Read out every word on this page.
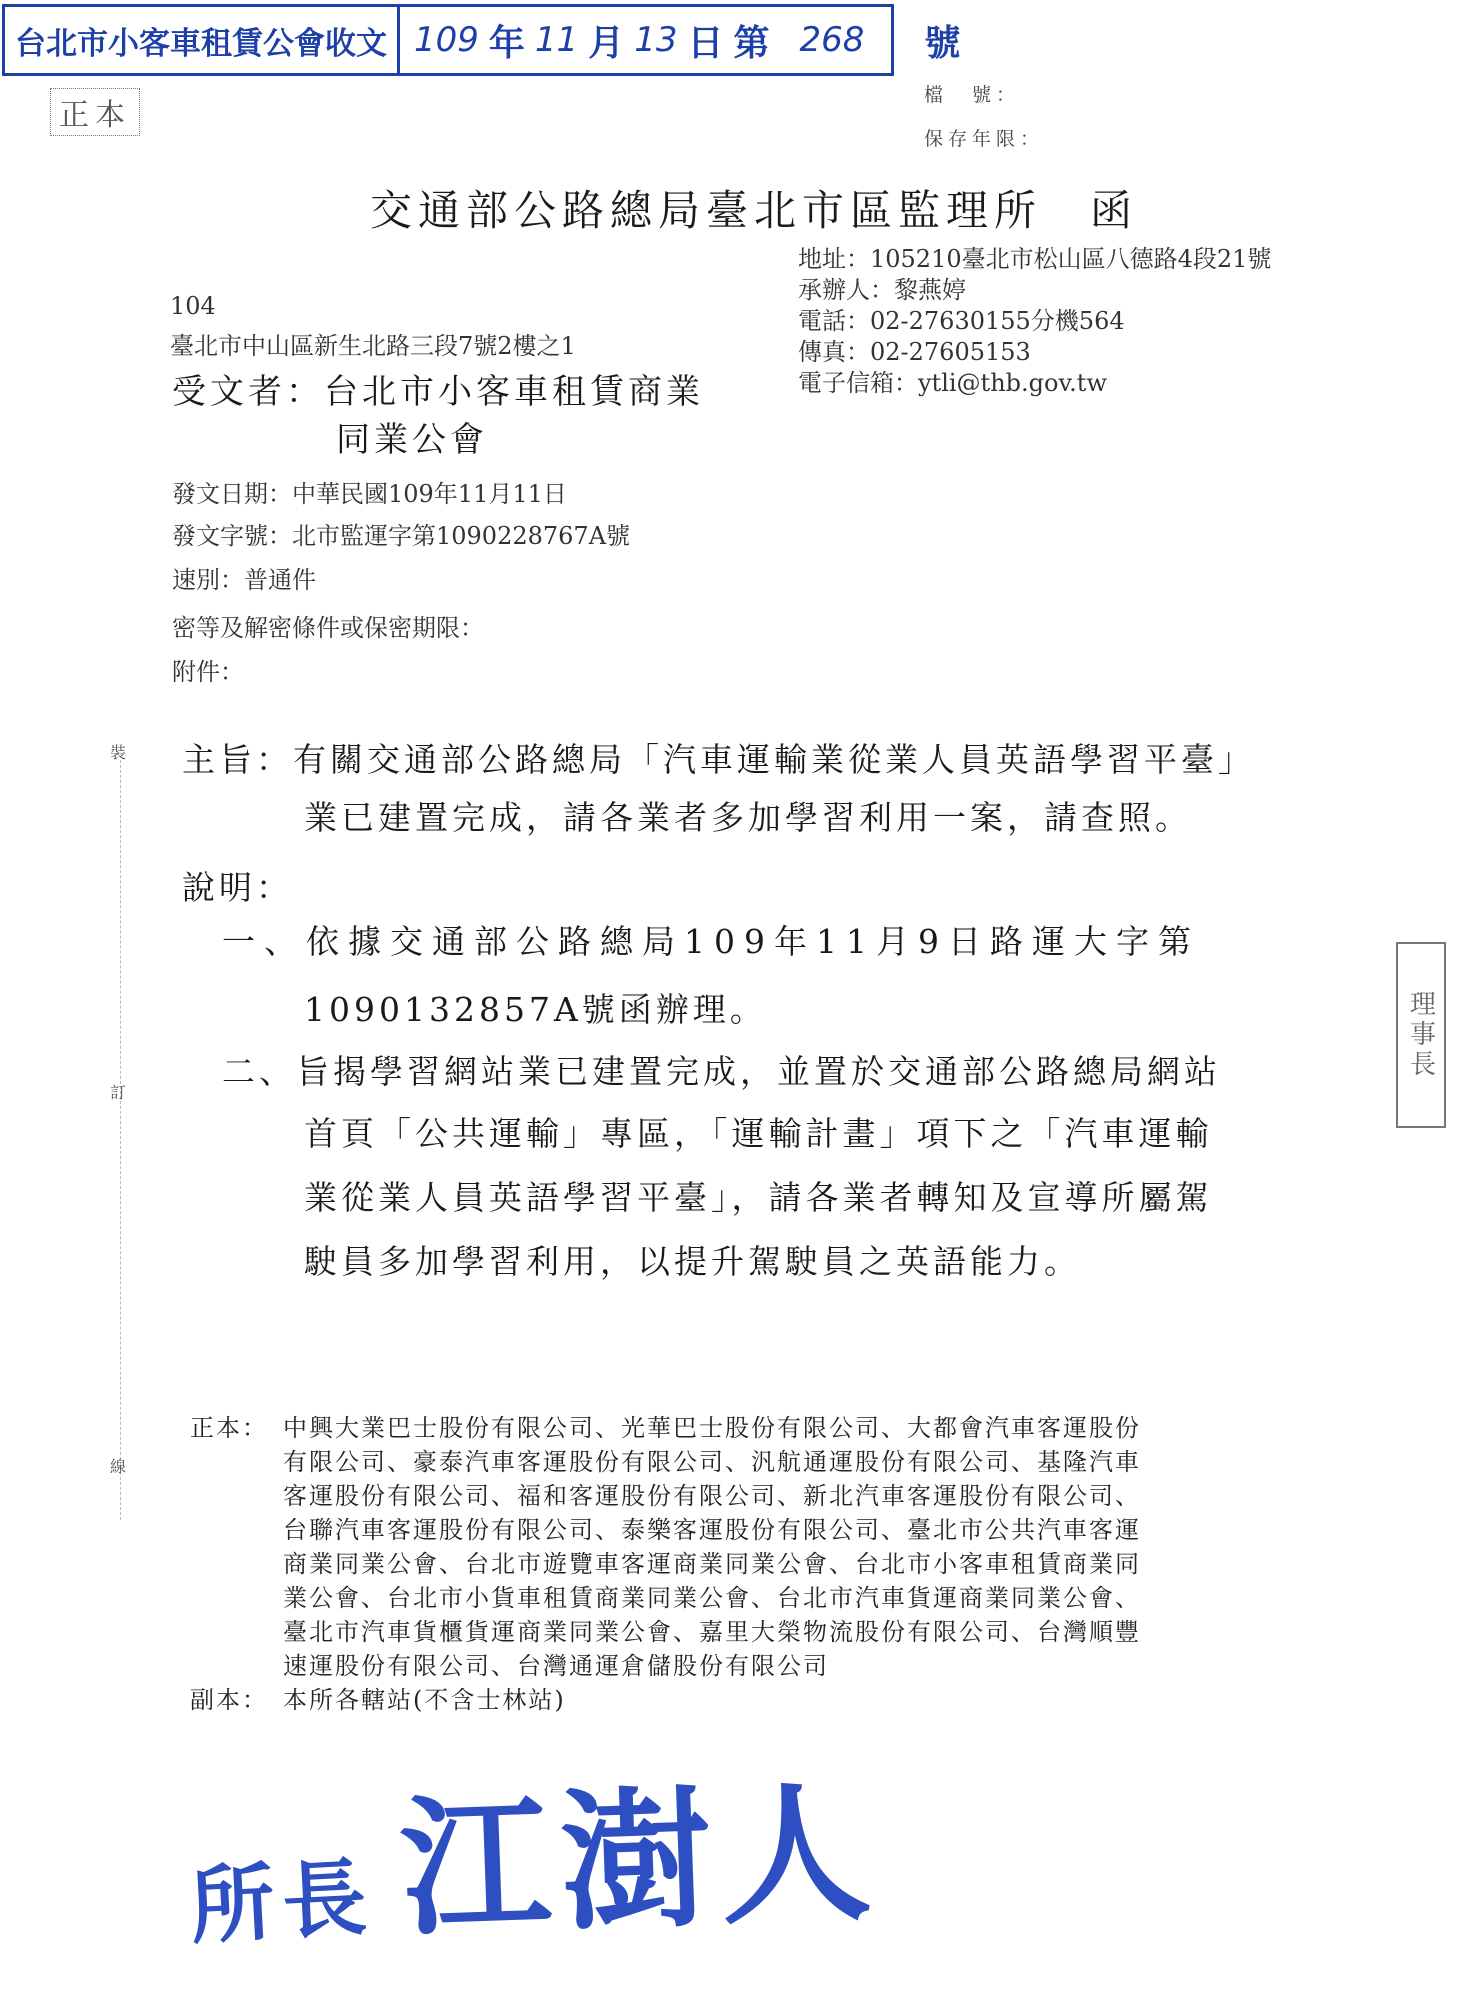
台北市小客車租賃公會收文 109 年 11 月 13 日 第 268 號
正本
檔　號：
保存年限：
交通部公路總局臺北市區監理所　函
地址：105210臺北市松山區八德路4段21號
承辦人：黎燕婷
電話：02-27630155分機564
傳真：02-27605153
電子信箱：ytli@thb.gov.tw
104
臺北市中山區新生北路三段7號2樓之1
受文者：台北市小客車租賃商業
同業公會
發文日期：中華民國109年11月11日
發文字號：北市監運字第1090228767A號
速別：普通件
密等及解密條件或保密期限：
附件：
裝
訂
線
主旨：有關交通部公路總局「汽車運輸業從業人員英語學習平臺」
業已建置完成，請各業者多加學習利用一案，請查照。
說明：
一、依據交通部公路總局109年11月9日路運大字第
1090132857A號函辦理。
二、旨揭學習網站業已建置完成，並置於交通部公路總局網站
首頁「公共運輸」專區，「運輸計畫」項下之「汽車運輸
業從業人員英語學習平臺」，請各業者轉知及宣導所屬駕
駛員多加學習利用，以提升駕駛員之英語能力。
理事長
正本： 中興大業巴士股份有限公司、光華巴士股份有限公司、大都會汽車客運股份
有限公司、豪泰汽車客運股份有限公司、汎航通運股份有限公司、基隆汽車
客運股份有限公司、福和客運股份有限公司、新北汽車客運股份有限公司、
台聯汽車客運股份有限公司、泰樂客運股份有限公司、臺北市公共汽車客運
商業同業公會、台北市遊覽車客運商業同業公會、台北市小客車租賃商業同
業公會、台北市小貨車租賃商業同業公會、台北市汽車貨運商業同業公會、
臺北市汽車貨櫃貨運商業同業公會、嘉里大榮物流股份有限公司、台灣順豐
速運股份有限公司、台灣通運倉儲股份有限公司
副本： 本所各轄站(不含士林站)
所長 江澍人
